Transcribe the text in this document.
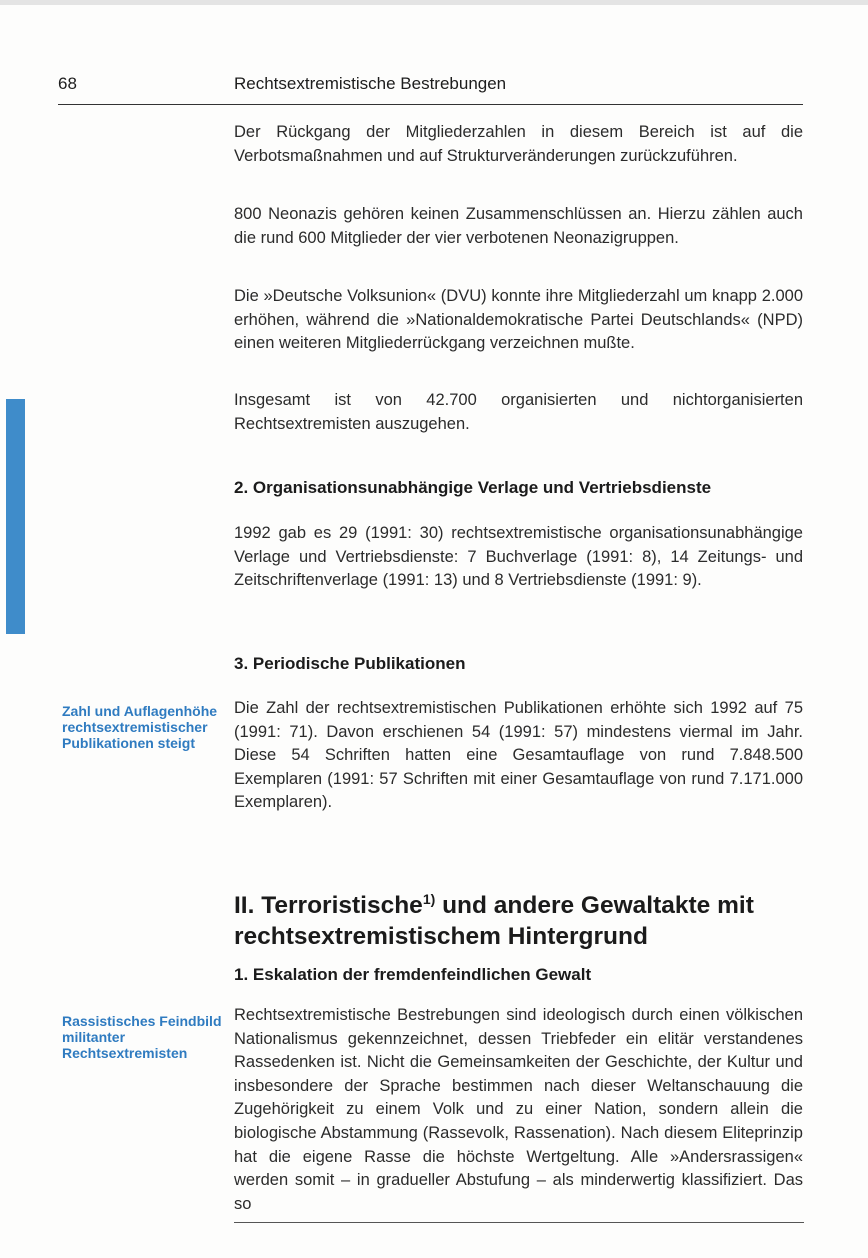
68	Rechtsextremistische Bestrebungen

Der Rückgang der Mitgliederzahlen in diesem Bereich ist auf die Verbotsmaßnahmen und auf Strukturveränderungen zurückzuführen.

800 Neonazis gehören keinen Zusammenschlüssen an. Hierzu zählen auch die rund 600 Mitglieder der vier verbotenen Neonazigruppen.

Die »Deutsche Volksunion« (DVU) konnte ihre Mitgliederzahl um knapp 2.000 erhöhen, während die »Nationaldemokratische Partei Deutschlands« (NPD) einen weiteren Mitgliederrückgang verzeichnen mußte.

Insgesamt ist von 42.700 organisierten und nichtorganisierten Rechtsextremisten auszugehen.

2. Organisationsunabhängige Verlage und Vertriebsdienste

1992 gab es 29 (1991: 30) rechtsextremistische organisationsunabhängige Verlage und Vertriebsdienste: 7 Buchverlage (1991: 8), 14 Zeitungs- und Zeitschriftenverlage (1991: 13) und 8 Vertriebsdienste (1991: 9).

3. Periodische Publikationen

Zahl und Auflagenhöhe rechtsextremistischer Publikationen steigt

Die Zahl der rechtsextremistischen Publikationen erhöhte sich 1992 auf 75 (1991: 71). Davon erschienen 54 (1991: 57) mindestens viermal im Jahr. Diese 54 Schriften hatten eine Gesamtauflage von rund 7.848.500 Exemplaren (1991: 57 Schriften mit einer Gesamtauflage von rund 7.171.000 Exemplaren).

II. Terroristische$^{1)}$ und andere Gewaltakte mit rechtsextremistischem Hintergrund

1. Eskalation der fremdenfeindlichen Gewalt

Rassistisches Feindbild militanter Rechtsextremisten

Rechtsextremistische Bestrebungen sind ideologisch durch einen völkischen Nationalismus gekennzeichnet, dessen Triebfeder ein elitär verstandenes Rassedenken ist. Nicht die Gemeinsamkeiten der Geschichte, der Kultur und insbesondere der Sprache bestimmen nach dieser Weltanschauung die Zugehörigkeit zu einem Volk und zu einer Nation, sondern allein die biologische Abstammung (Rassevolk, Rassenation). Nach diesem Eliteprinzip hat die eigene Rasse die höchste Wertgeltung. Alle »Andersrassigen« werden somit – in gradueller Abstufung – als minderwertig klassifiziert. Das so
